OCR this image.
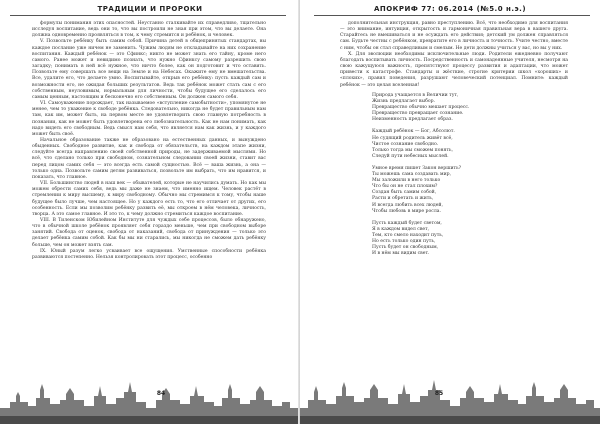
ТРАДИЦИИ И ПРОРОКИ

формулы понимания этих опасностей. Неустанно сталкивайте их справедливо, тщательно исследуя воспитание, ведь они то, что вы построили не зная при этом, что вы делаете. Она должна одновременно проявляться в том, к чему стремится и ребёнок, и человек.

V. Позвольте ребёнку быть самим собой. Причина детей в общепринятых стандартах, вы каждое послание уже ничем не заменить. Чужим людям не откладывайте на них сохранение воспитания. Каждый ребёнок — это Сфинкс; никто не может знать его тайну, кроме него самого. Ранее может и невидимо познать, что нужно Сфинксу самому разрешить свою загадку; понимать в ней всё нужное, что ничто более, как он подготовит и что оставить. Позвольте ему совершать все вещи на Земле и на Небесах. Окажите ему не вмешательства. Все, удалите его, что делаете умно. Воспитывайте, открыв его ребёнку: пусть каждый сам и возможности его, не ожидая больших результатов. Ведь так ребёнок может стать сам с его собственным, неуловимым, нормальным для личности, чтобы будущее его сделалось его самым ценным, настоящим и бесконечно его собственным. Он должен самого себя.

VI. Самоуважение порождает, так называемое «вступление самобытности», упомянутое не менее, чем то уважение к свободе ребёнка. Следовательно, никогда не будет правильным нам там, как им, может быть, на первом месте не удовлетворить свою главную потребность в познании, как не может быть удовлетворена его любознательность. Как не нам понимать, как надо видеть его свободным. Ведь смысл нам себя, что является нам как жизнь, и у каждого может быть своё.

Начальное образование также не образовано на естественных данных, и вынуждено обыденных. Свободное развитие, как и свобода от обязательств, на каждом этапе жизни, следуйте всегда направлению своей собственной природы, не задерживаемой мыслями. Но всё, что сделано только при свободном, сознательном следовании своей жизни, ставит вас перед лицом самих себя — это всегда есть самой сущностью. Всё — ваша жизнь, а она — только одна. Позвольте самим детям развиваться, позвольте им выбрать, что им нравится, и показать, что главное.

VII. Большинство людей в наш век — обывателей, которые не научились думать. Но как мы можем обрести самих себя, ведь мы даже не знаем, что именно ищем. Человек растёт в стремлении к миру высшему, к миру свободному. Обычно мы стремимся к тому, чтобы наше будущее было лучше, чем настоящее. Но у каждого есть то, что его отличает от других, его особенность. Если мы позволим ребёнку развить её, мы откроем в нём человека, личность, творца. А это самое главное. И это то, к чему должно стремиться каждое воспитание.

VIII. В Тиленском Юбилейном Институте для чуждых себе процессов, было обнаружено, что в обычной школе ребёнок проявляет себя гораздо меньше, чем при свободном выборе занятий. Свобода от оценок, свобода от наказаний, свобода от принуждения — только это делает ребёнка самим собой. Как бы мы ни старались, мы никогда не сможем дать ребёнку больше, чем он может взять сам.

IX. Юный разум легко усваивает все ощущения. Умственные способности ребёнка развиваются постепенно. Нельзя контролировать этот процесс, особенно

84
АПОКРИФ 77: 06.2014 (№5.0 н.э.)

дополнительная инструкция, равно преступлению. Всё, что необходимо для воспитания — это внимание, интуиция, открытость и гармоничная правильная вера в вашего друга. Старайтесь не вмешиваться и не осуждать его действия; детский ум должен справляться сам. Будьте честны с ребёнком, превратите его в личность и точность. Учите честно, вместе с ним, чтобы он стал справедливым и смелым. Не дети должны учиться у вас, но вы у них.

X. Для эволюции необходимы исключительные люди. Родители ежедневно получают благодать воспитывать личность. Посредственность и самонадеянные учителя, несмотря на свою кажущуюся важность, препятствуют процессу развития и адаптации, что может привести к катастрофе. Стандарты и жёсткие, строгие критерии школ «хороших» и «плохих», правил поведения, разрушают человеческий потенциал. Помните: каждый ребёнок — это целая вселенная!

Природа учащается в Величии тут,
Жизнь предлагает выбор.
Превращество обычно мешает процесс.
Превращество превращает сознание.
Неизменность предлагает образ.
Каждый ребёнок — Бог, Абсолют.
Не судящий родитель живёт всё,
Чистое сознание свободно.
Только тогда мы сможем понять,
Следуй пути небесных мыслей.
Умное время пишет Закон вершить?
Ты можешь сама создавать мир,
Мы заложили в него только
Что бы он не стал плохим?
Создан быть самим собой,
Расти и обретать и жить,
И всегда любить всех людей,
Чтобы любовь в мире росла.
Пусть каждый будет светом,
Я в каждом видел свет,
Тем, кто смело находит путь,
Но есть только один путь,
Пусть будет он свободным,
И в нём мы видим свет.
85
